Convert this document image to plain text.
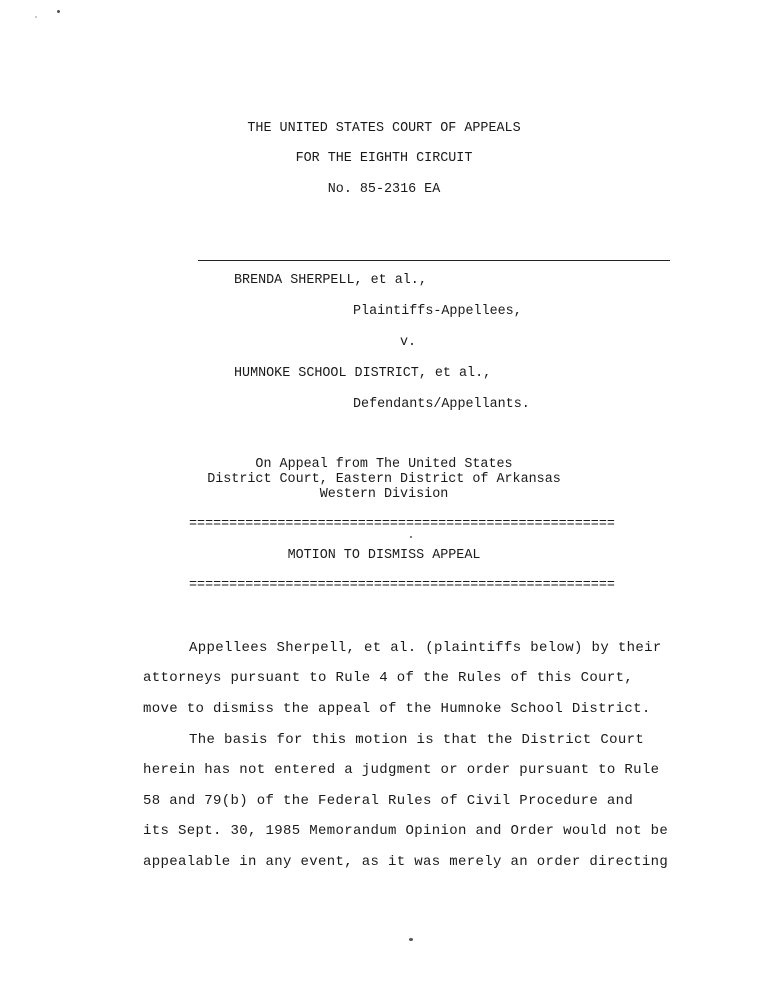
THE UNITED STATES COURT OF APPEALS
FOR THE EIGHTH CIRCUIT
No. 85-2316 EA
BRENDA SHERPELL, et al.,
Plaintiffs-Appellees,
v.
HUMNOKE SCHOOL DISTRICT, et al.,
Defendants/Appellants.
On Appeal from The United States
District Court, Eastern District of Arkansas
Western Division
=====================================================
MOTION TO DISMISS APPEAL
=====================================================
Appellees Sherpell, et al. (plaintiffs below) by their
attorneys pursuant to Rule 4 of the Rules of this Court,
move to dismiss the appeal of the Humnoke School District.
The basis for this motion is that the District Court
herein has not entered a judgment or order pursuant to Rule
58 and 79(b) of the Federal Rules of Civil Procedure and
its Sept. 30, 1985 Memorandum Opinion and Order would not be
appealable in any event, as it was merely an order directing
